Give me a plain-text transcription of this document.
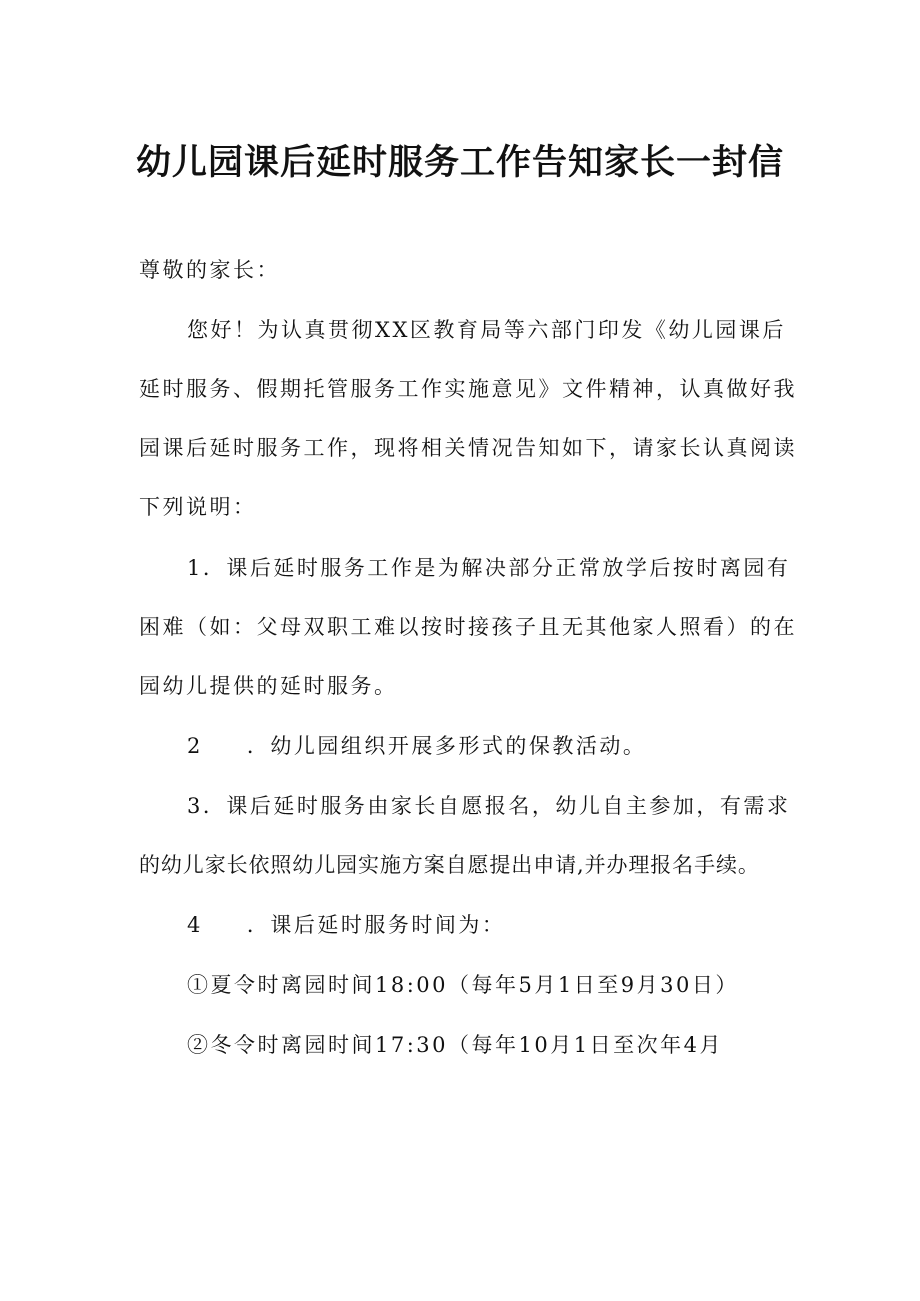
幼儿园课后延时服务工作告知家长一封信
尊敬的家长：
您好！为认真贯彻XX区教育局等六部门印发《幼儿园课后
延时服务、假期托管服务工作实施意见》文件精神，认真做好我
园课后延时服务工作，现将相关情况告知如下，请家长认真阅读
下列说明：
1．课后延时服务工作是为解决部分正常放学后按时离园有
困难（如：父母双职工难以按时接孩子且无其他家人照看）的在
园幼儿提供的延时服务。
2 ．幼儿园组织开展多形式的保教活动。
3．课后延时服务由家长自愿报名，幼儿自主参加，有需求
的幼儿家长依照幼儿园实施方案自愿提出申请,并办理报名手续。
4 ．课后延时服务时间为：
①夏令时离园时间18:00（每年5月1日至9月30日）
②冬令时离园时间17:30（每年10月1日至次年4月
